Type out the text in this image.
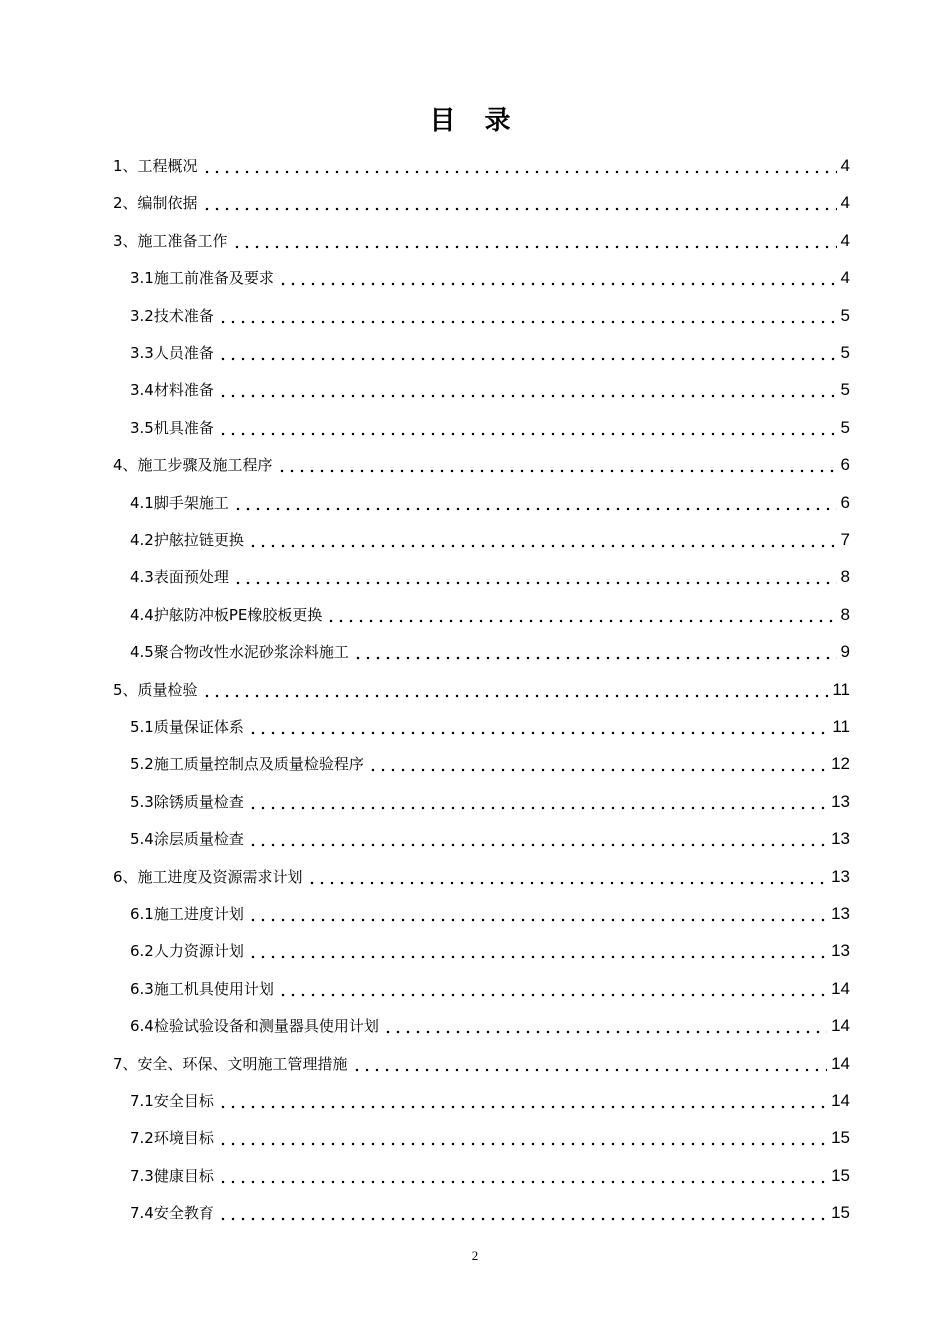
目 录
1、工程概况	4
2、编制依据	4
3、施工准备工作	4
3.1施工前准备及要求	4
3.2技术准备	5
3.3人员准备	5
3.4材料准备	5
3.5机具准备	5
4、施工步骤及施工程序	6
4.1脚手架施工	6
4.2护舷拉链更换	7
4.3表面预处理	8
4.4护舷防冲板PE橡胶板更换	8
4.5聚合物改性水泥砂浆涂料施工	9
5、质量检验	11
5.1质量保证体系	11
5.2施工质量控制点及质量检验程序	12
5.3除锈质量检查	13
5.4涂层质量检查	13
6、施工进度及资源需求计划	13
6.1施工进度计划	13
6.2人力资源计划	13
6.3施工机具使用计划	14
6.4检验试验设备和测量器具使用计划	14
7、安全、环保、文明施工管理措施	14
7.1安全目标	14
7.2环境目标	15
7.3健康目标	15
7.4安全教育	15
2
